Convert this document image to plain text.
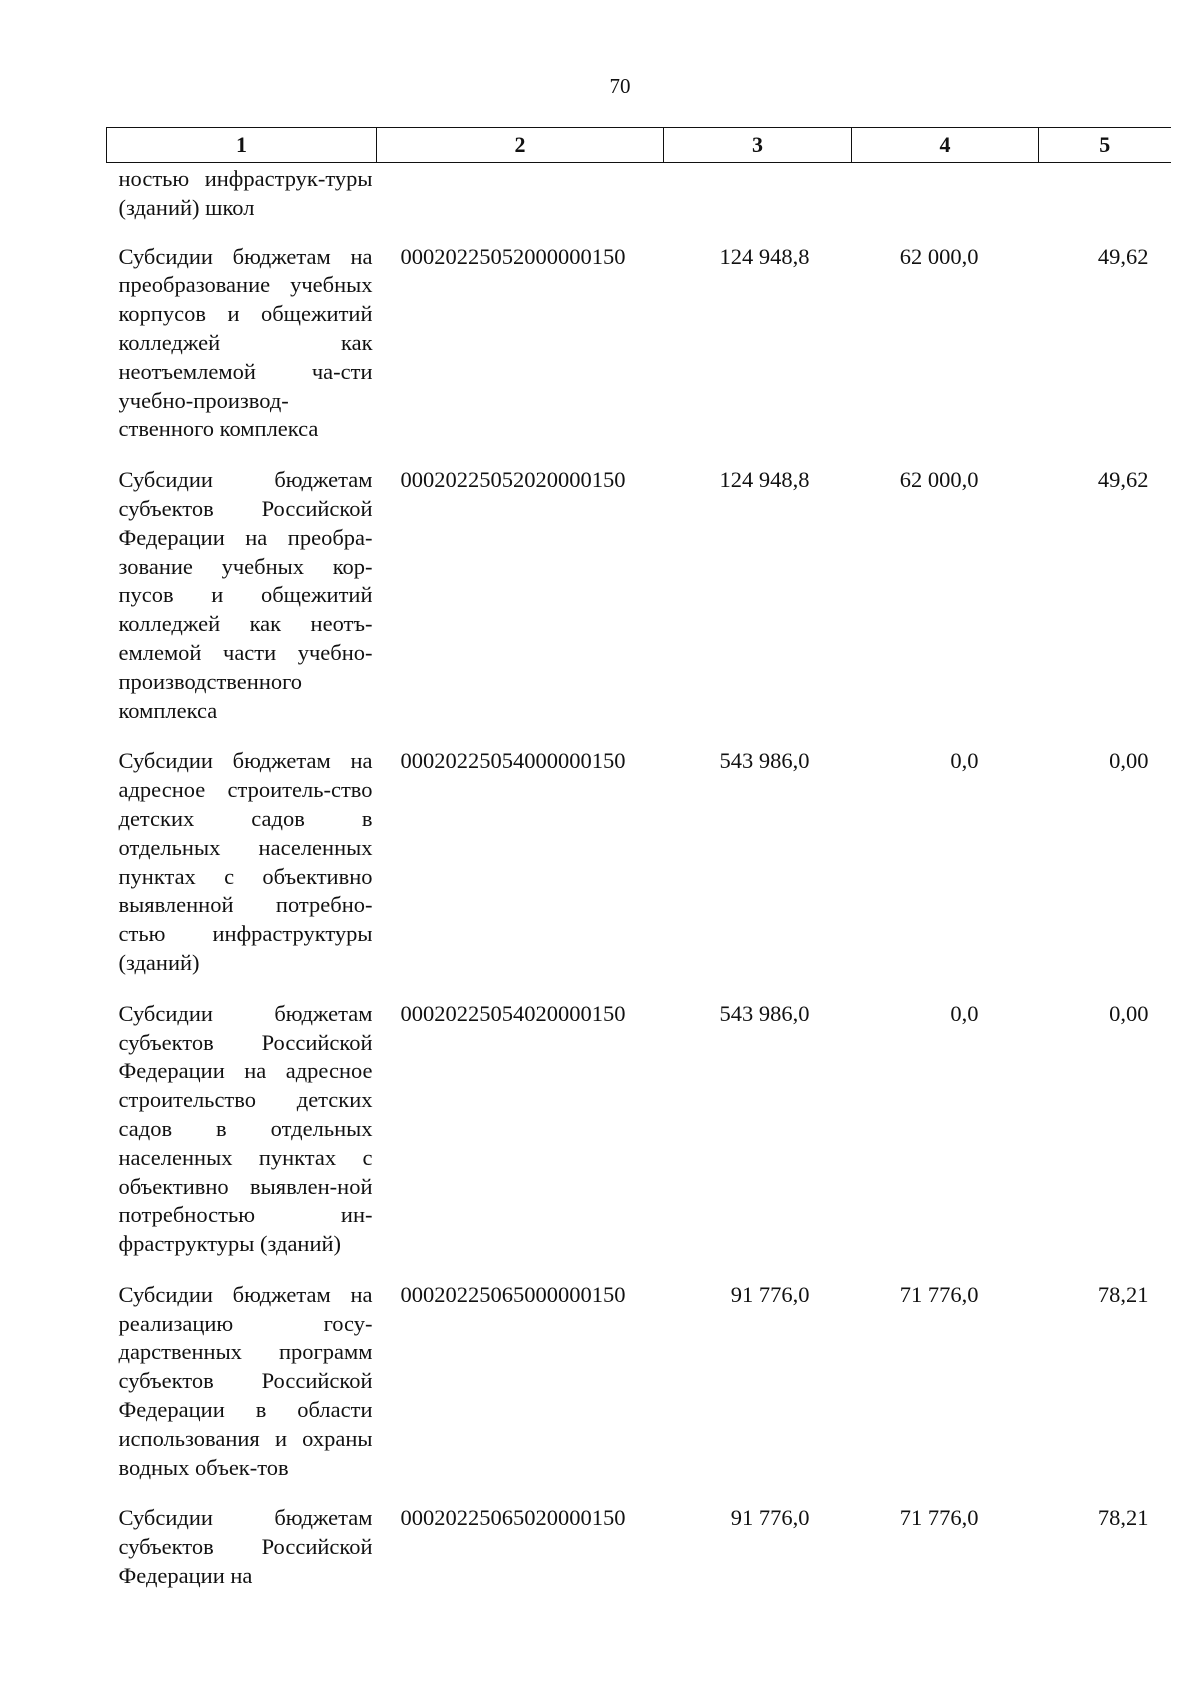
70
1	2	3	4	5
ностью инфраструк-туры (зданий) школ				
Субсидии бюджетам на преобразование учебных корпусов и общежитий колледжей как неотъемлемой ча-сти учебно-производ-ственного комплекса	00020225052000000150	124 948,8	62 000,0	49,62
Субсидии бюджетам субъектов Российской Федерации на преобра-зование учебных кор-пусов и общежитий колледжей как неотъ-емлемой части учебно-производственного комплекса	00020225052020000150	124 948,8	62 000,0	49,62
Субсидии бюджетам на адресное строитель-ство детских садов в отдельных населенных пунктах с объективно выявленной потребно-стью инфраструктуры (зданий)	00020225054000000150	543 986,0	0,0	0,00
Субсидии бюджетам субъектов Российской Федерации на адресное строительство детских садов в отдельных населенных пунктах с объективно выявлен-ной потребностью ин-фраструктуры (зданий)	00020225054020000150	543 986,0	0,0	0,00
Субсидии бюджетам на реализацию госу-дарственных программ субъектов Российской Федерации в области использования и охраны водных объек-тов	00020225065000000150	91 776,0	71 776,0	78,21
Субсидии бюджетам субъектов Российской Федерации на	00020225065020000150	91 776,0	71 776,0	78,21
